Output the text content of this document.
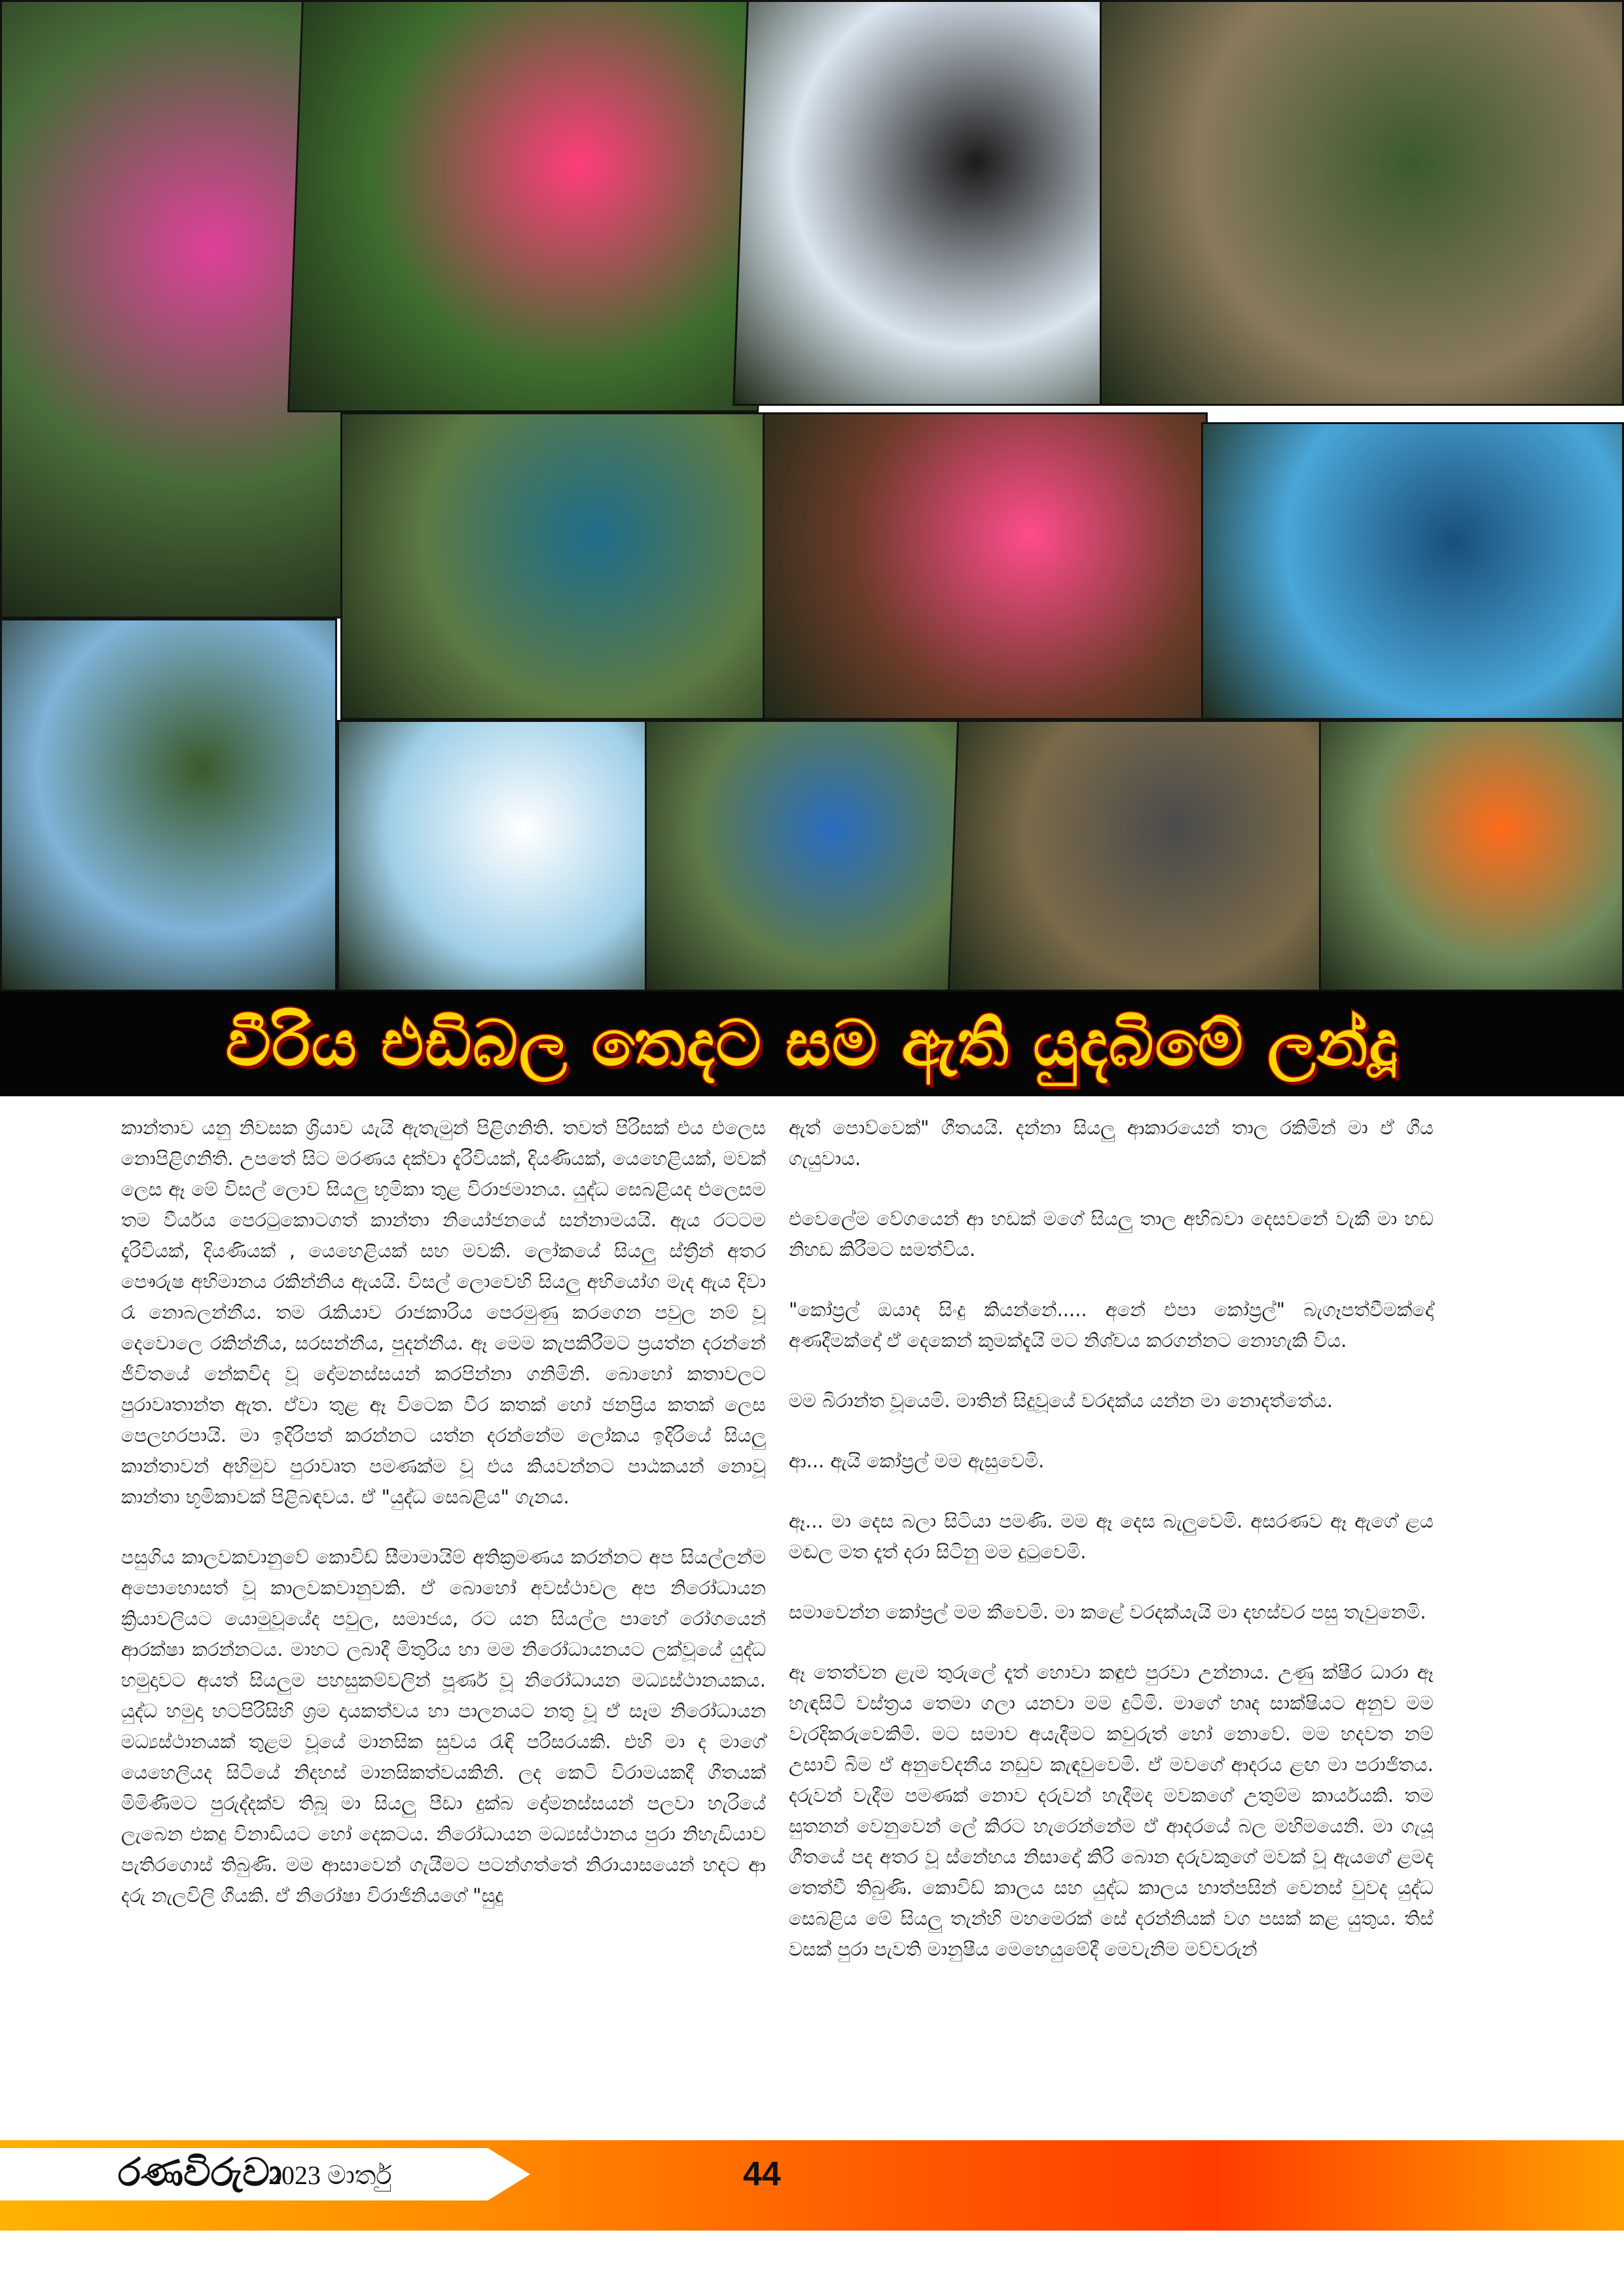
වීරිය එඩිබල තෙදට සම ඇති යුදබිමේ ලන්දූ

කාන්තාව යනු නිවසක ශ්‍රියාව යැයි ඇතැමුන් පිළිගනිති. තවත් පිරිසක් එය එලෙස නොපිළිගනිති. උපතේ සිට මරණය දක්වා දැරිවියක්, දියණියක්, යෙහෙළියක්, මවක් ලෙස ඈ මේ විසල් ලොව සියලු භූමිකා තුළ විරාජමානය. යුද්ධ සෙබළියද එලෙසම තම වීර්යය පෙරටුකොටගත් කාන්තා නියෝජනයේ සන්නාමයයි. ඇය රටටම දැරිවියක්, දියණියක් , යෙහෙළියක් සහ මවකි. ලෝකයේ සියලු ස්ත්‍රීන් අතර පෞරුෂ අභිමානය රකින්නිය ඇයයි. විසල් ලොවෙහි සියලු අභියෝග මැද ඇය දිවා රෑ නොබලන්නීය. තම රැකියාව රාජකාරිය පෙරමුණු කරගෙන පවුල නම් වූ දෙවොලෙ රකින්නීය, සරසන්නීය, පුදන්නීය. ඈ මෙම කැපකිරීමට ප්‍රයත්න දරන්නේ ජීවිතයේ නේකවිද වූ දෝමනස්සයන් කරපින්නා ගනිමිනි. බොහෝ කතාවලට පුරාවෘතාන්ත ඇත. ඒවා තුළ ඈ විටෙක වීර කතක් හෝ ජනප්‍රිය කතක් ලෙස පෙලහරපායි. මා ඉදිරිපත් කරන්නට යත්න දරන්නේම ලෝකය ඉදිරියේ සියලු කාන්තාවන් අභිමුව පුරාවෘත පමණක්ම වූ එය කියවන්නට පාඨකයන් නොවූ කාන්තා භූමිකාවක් පිළිබඳවය. ඒ "යුද්ධ සෙබළිය" ගැනය.

පසුගිය කාලවකවානුවේ කොවිඩ් සීමාමායිම් අතික්‍රමණය කරන්නට අප සියල්ලන්ම අපොහොසත් වූ කාලවකවානුවකි. ඒ බොහෝ අවස්ථාවල අප නිරෝධායන ක්‍රියාවලියට යොමුවූයේද පවුල, සමාජය, රට යන සියල්ල පාහේ රෝගයෙන් ආරක්ෂා කරන්නටය. මාහට ලබාදී මිතුරිය හා මම නිරෝධායනයට ලක්වූයේ යුද්ධ හමුදාවට අයත් සියලුම පහසුකම්වලින් පූර්ණ වූ නිරෝධායන මධ්‍යස්ථානයකය. යුද්ධ හමුදා හටපිරිසිහි ශ්‍රම දායකත්වය හා පාලනයට නතු වූ ඒ සෑම නිරෝධායන මධ්‍යස්ථානයක් තුළම වූයේ මානසික සුවය රැඳි පරිසරයකි. එහි මා ද මාගේ යෙහෙලියද සිටියේ නිදහස් මානසිකත්වයකිනි. ලද කෙටි විරාමයකදී ගීතයක් මිමිණීමට පුරුද්දක්ව තිබූ මා සියලු පීඩා දුක්බ දෝමනස්සයන් පලවා හැරියේ ලැබෙන එකදු විනාඩියට හෝ දෙකටය. නිරෝධායන මධ්‍යස්ථානය පුරා නිහැඩියාව පැතිරගොස් තිබුණි. මම ආසාවෙන් ගැයීමට පටන්ගත්තේ නිරායාසයෙන් හදට ආ දරු නැලවිලි ගීයකි. ඒ නිරෝෂා විරාජිනියගේ "සුදු

ඇත් පොව්වෙක්" ගීතයයි. දන්නා සියලු ආකාරයෙන් තාල රකිමින් මා ඒ ගීය ගැයුවාය.

එවෙලේම වේගයෙන් ආ හඩක් මගේ සියලු තාල අභිබවා දෙසවනේ වැකී මා හඩ නිහඩ කිරීමට සමත්විය.

"කෝප්‍රල් ඔයාද සිංදු කියන්නේ..... අනේ එපා කෝප්‍රල්" බැගෑපත්වීමක්දෝ අණදීමක්දෝ ඒ දෙකෙන් කුමක්දැයි මට නිශ්චය කරගන්නට නොහැකි විය.

මම බිරාන්ත වූයෙමි. මාතින් සිදුවූයේ වරදක්ය යන්න මා නොදත්තේය.

ආ... ඇයි කෝප්‍රල් මම ඇසුවෙමි.

ඈ... මා දෙස බලා සිටියා පමණි. මම ඈ දෙස බැලුවෙමි. අසරණව ඈ ඇගේ ළය මඬල මත දෑත් දරා සිටිනු මම දුටුවෙමි.

සමාවෙන්න කෝප්‍රල් මම කීවෙමි. මා කළේ වරදක්යැයි මා දහස්වර පසු තැවුනෙමි.

ඈ තෙත්වන ළැම තුරුලේ දෑත් හොවා කඳුළු පුරවා උන්නාය. උණු ක්ෂීර ධාරා ඈ හැඳසිටි වස්ත්‍රය තෙමා ගලා යනවා මම දුටිමි. මාගේ හෘද සාක්ෂියට අනුව මම වැරදිකරුවෙකිමි. මට සමාව අයැදීමට කවුරුත් හෝ නොවේ. මම හදවත නම් උසාවි බිම ඒ අනුවේදනීය නඩුව කැඳවුවෙමි. ඒ මවගේ ආදරය ළඟ මා පරාජිතය. දරුවන් වැදීම පමණක් නොව දරුවන් හැදීමද මවකගේ උතුම්ම කාර්යයකි. තම සුතනන් වෙනුවෙන් ලේ කිරට හැරෙන්නේම ඒ ආදරයේ බල මහිමයෙනි. මා ගැයූ ගීතයේ පද අතර වූ ස්නේහය නිසාදෝ කිරි බොන දරුවකුගේ මවක් වූ ඇයගේ ළමද තෙත්වී තිබුණි. කොවිඩ් කාලය සහ යුද්ධ කාලය හාත්පසින් වෙනස් වුවද යුද්ධ සෙබළිය මේ සියලු තැන්හි මහමෙරක් සේ දරන්නියක් වග පසක් කළ යුතුය. තිස් වසක් පුරා පැවති මානුෂීය මෙහෙයුමේදී මෙවැනිම මව්වරුන්

රණවිරුවා
2023 මාර්තු	44
